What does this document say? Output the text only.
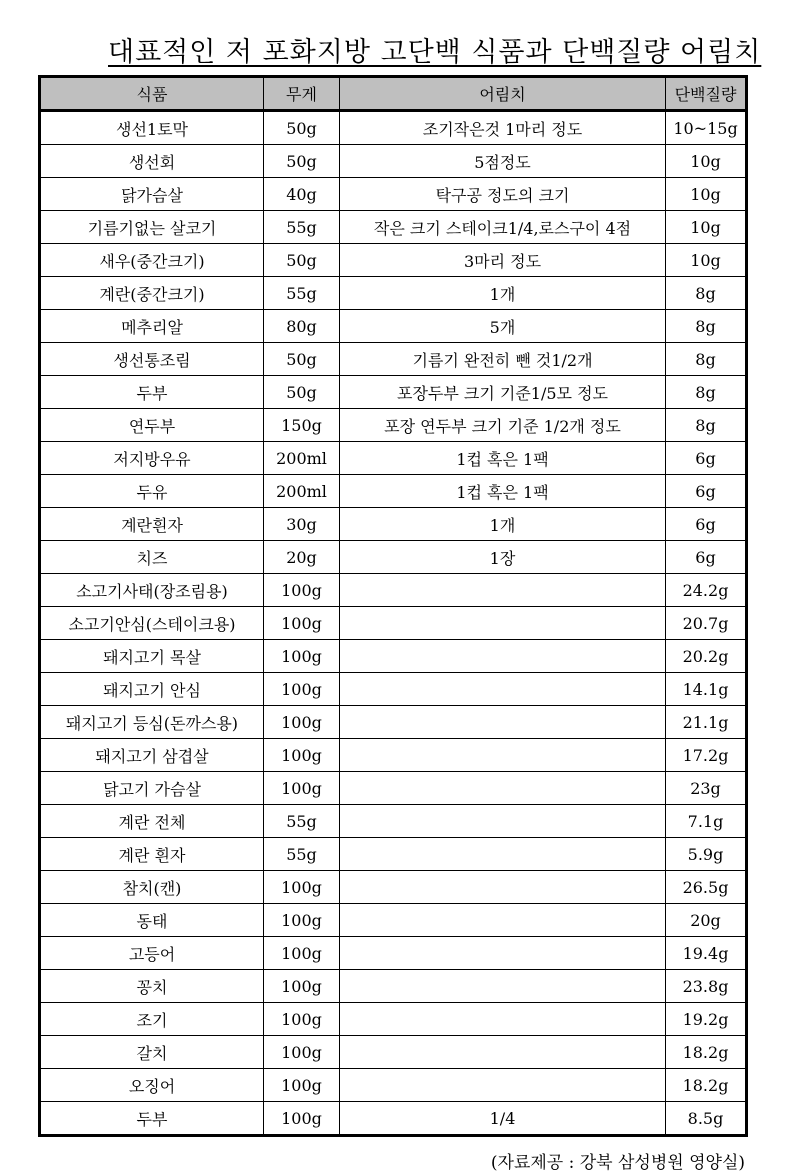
대표적인 저 포화지방 고단백 식품과 단백질량 어림치
식품	무게	어림치	단백질량
생선1토막	50g	조기작은것 1마리 정도	10~15g
생선회	50g	5점정도	10g
닭가슴살	40g	탁구공 정도의 크기	10g
기름기없는 살코기	55g	작은 크기 스테이크1/4,로스구이 4점	10g
새우(중간크기)	50g	3마리 정도	10g
계란(중간크기)	55g	1개	8g
메추리알	80g	5개	8g
생선통조림	50g	기름기 완전히 뺀 것1/2개	8g
두부	50g	포장두부 크기 기준1/5모 정도	8g
연두부	150g	포장 연두부 크기 기준 1/2개 정도	8g
저지방우유	200ml	1컵 혹은 1팩	6g
두유	200ml	1컵 혹은 1팩	6g
계란흰자	30g	1개	6g
치즈	20g	1장	6g
소고기사태(장조림용)	100g		24.2g
소고기안심(스테이크용)	100g		20.7g
돼지고기 목살	100g		20.2g
돼지고기 안심	100g		14.1g
돼지고기 등심(돈까스용)	100g		21.1g
돼지고기 삼겹살	100g		17.2g
닭고기 가슴살	100g		23g
계란 전체	55g		7.1g
계란 흰자	55g		5.9g
참치(캔)	100g		26.5g
동태	100g		20g
고등어	100g		19.4g
꽁치	100g		23.8g
조기	100g		19.2g
갈치	100g		18.2g
오징어	100g		18.2g
두부	100g	1/4	8.5g
(자료제공 : 강북 삼성병원 영양실)
